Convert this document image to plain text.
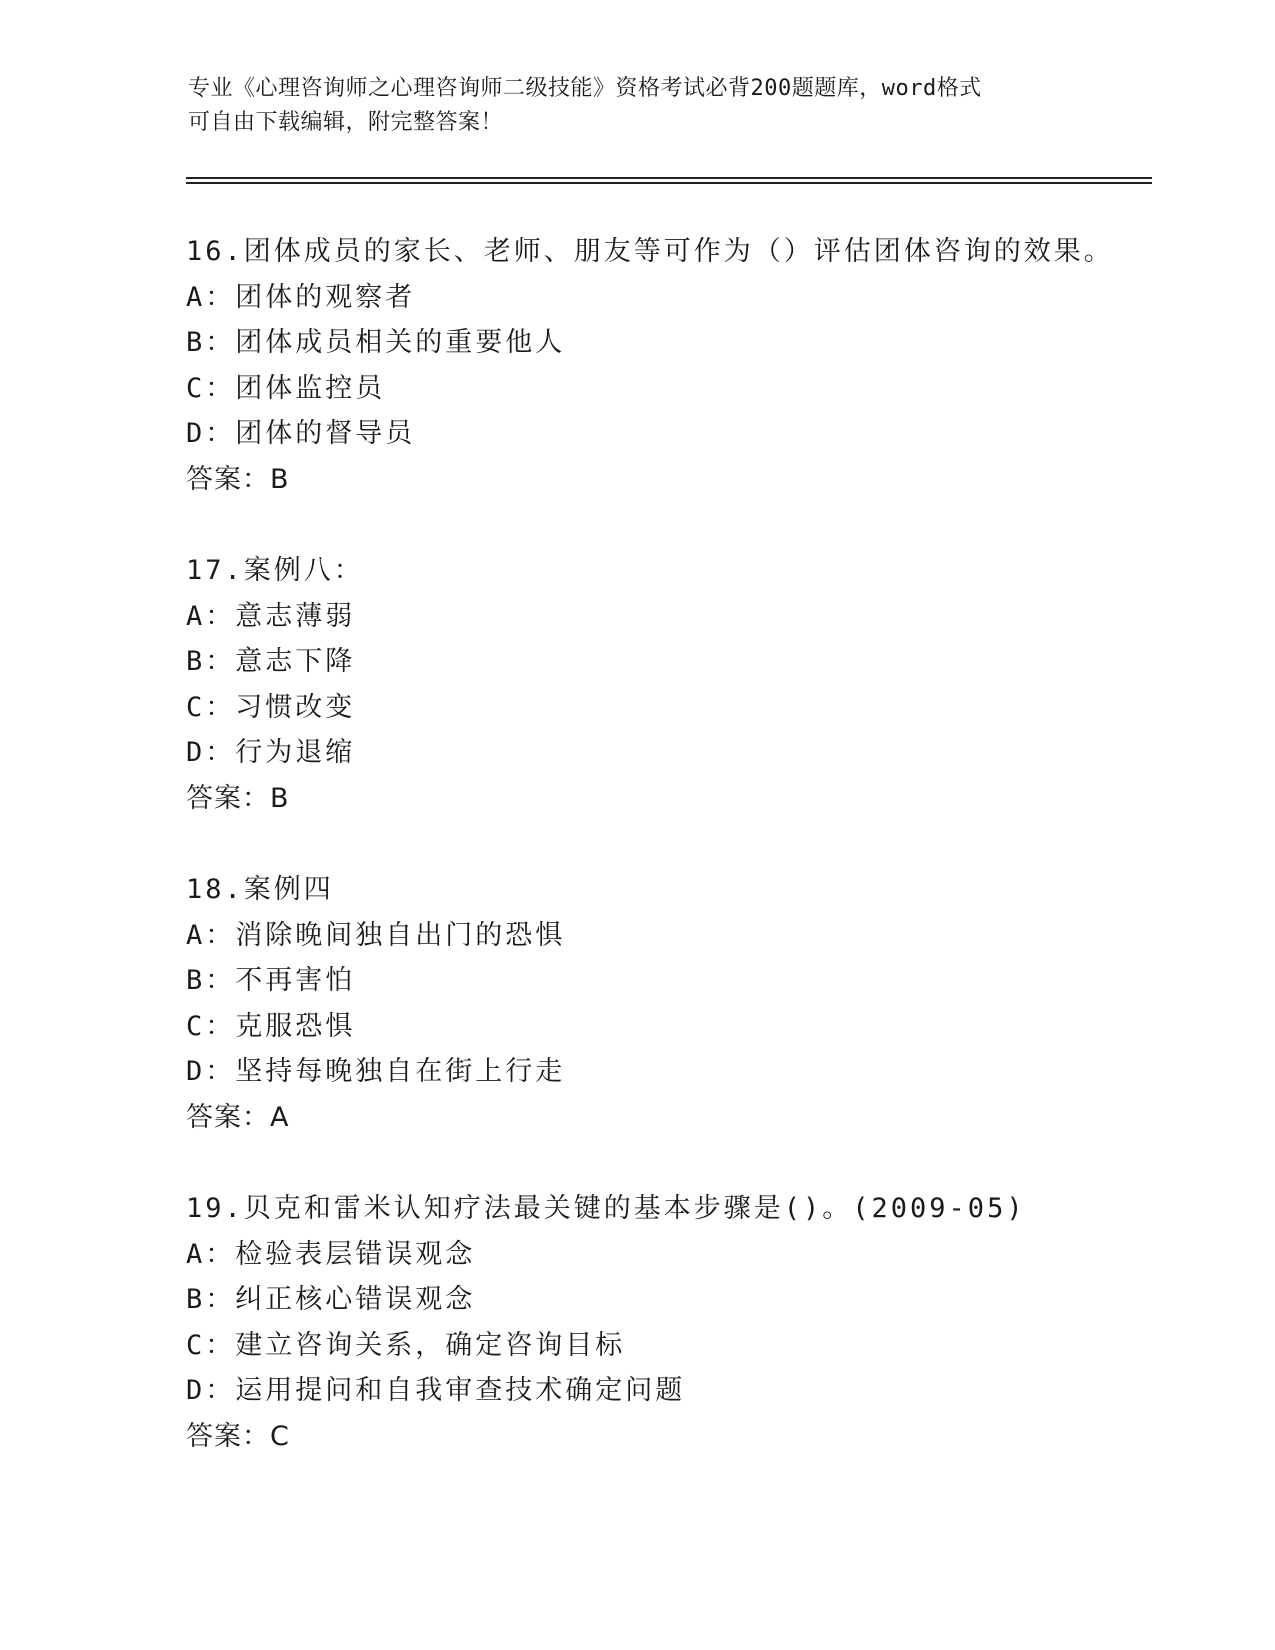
专业《心理咨询师之心理咨询师二级技能》资格考试必背200题题库，word格式
可自由下载编辑，附完整答案！
16.团体成员的家长、老师、朋友等可作为（）评估团体咨询的效果。
A：团体的观察者
B：团体成员相关的重要他人
C：团体监控员
D：团体的督导员
答案：B
17.案例八：
A：意志薄弱
B：意志下降
C：习惯改变
D：行为退缩
答案：B
18.案例四
A：消除晚间独自出门的恐惧
B：不再害怕
C：克服恐惧
D：坚持每晚独自在街上行走
答案：A
19.贝克和雷米认知疗法最关键的基本步骤是()。(2009-05)
A：检验表层错误观念
B：纠正核心错误观念
C：建立咨询关系，确定咨询目标
D：运用提问和自我审查技术确定问题
答案：C
